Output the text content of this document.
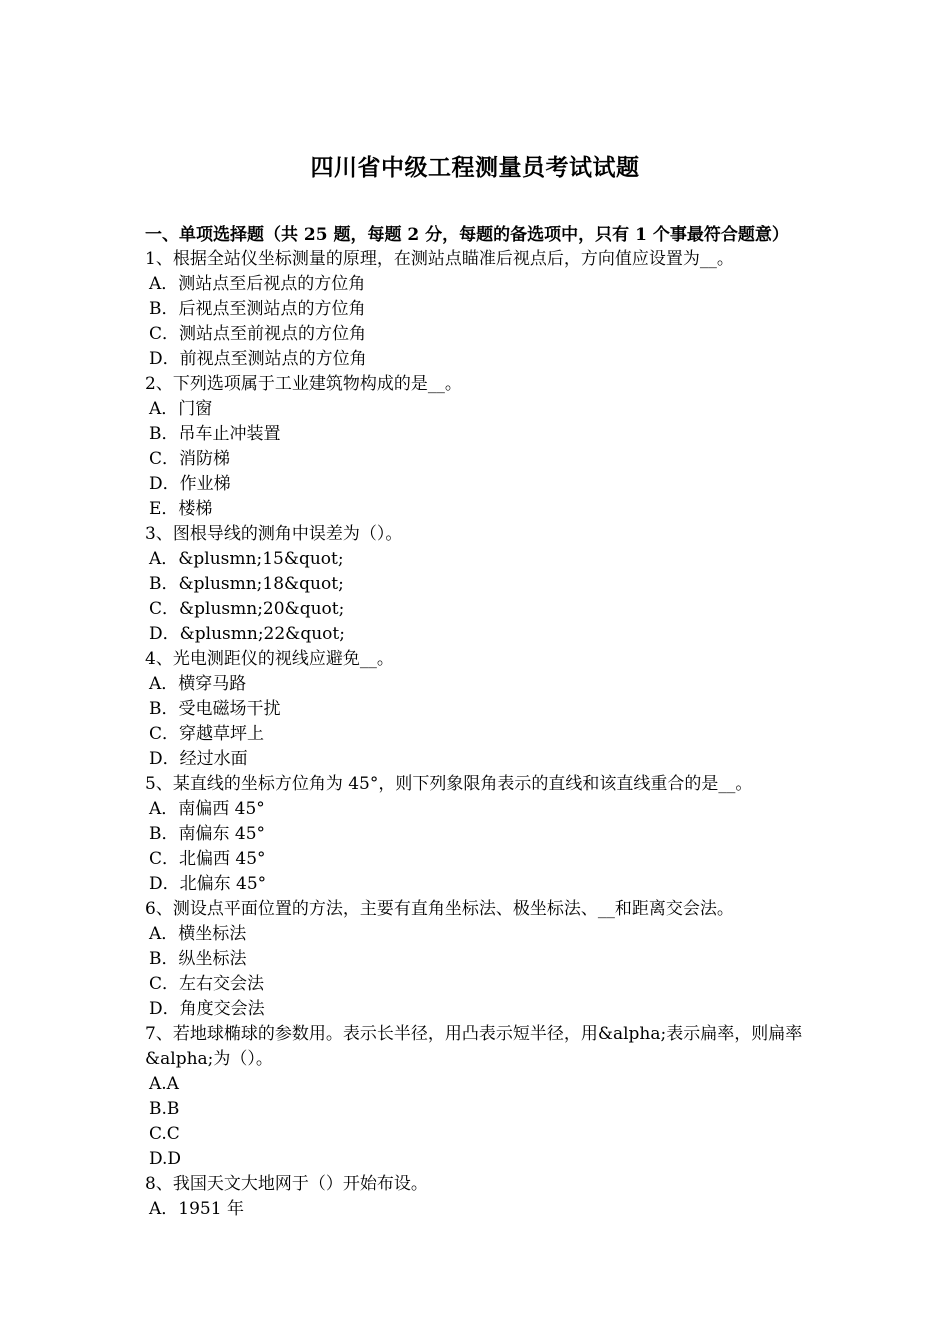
四川省中级工程测量员考试试题
一、单项选择题（共 25 题，每题 2 分，每题的备选项中，只有 1 个事最符合题意）
1、根据全站仪坐标测量的原理，在测站点瞄准后视点后，方向值应设置为__。
A．测站点至后视点的方位角
B．后视点至测站点的方位角
C．测站点至前视点的方位角
D．前视点至测站点的方位角
2、下列选项属于工业建筑物构成的是__。
A．门窗
B．吊车止冲装置
C．消防梯
D．作业梯
E．楼梯
3、图根导线的测角中误差为（）。
A．&plusmn;15&quot;
B．&plusmn;18&quot;
C．&plusmn;20&quot;
D．&plusmn;22&quot;
4、光电测距仪的视线应避免__。
A．横穿马路
B．受电磁场干扰
C．穿越草坪上
D．经过水面
5、某直线的坐标方位角为 45°，则下列象限角表示的直线和该直线重合的是__。
A．南偏西 45°
B．南偏东 45°
C．北偏西 45°
D．北偏东 45°
6、测设点平面位置的方法，主要有直角坐标法、极坐标法、__和距离交会法。
A．横坐标法
B．纵坐标法
C．左右交会法
D．角度交会法
7、若地球椭球的参数用。表示长半径，用凸表示短半径，用&alpha;表示扁率，则扁率&alpha;为（）。
A.A
B.B
C.C
D.D
8、我国天文大地网于（）开始布设。
A．1951 年
